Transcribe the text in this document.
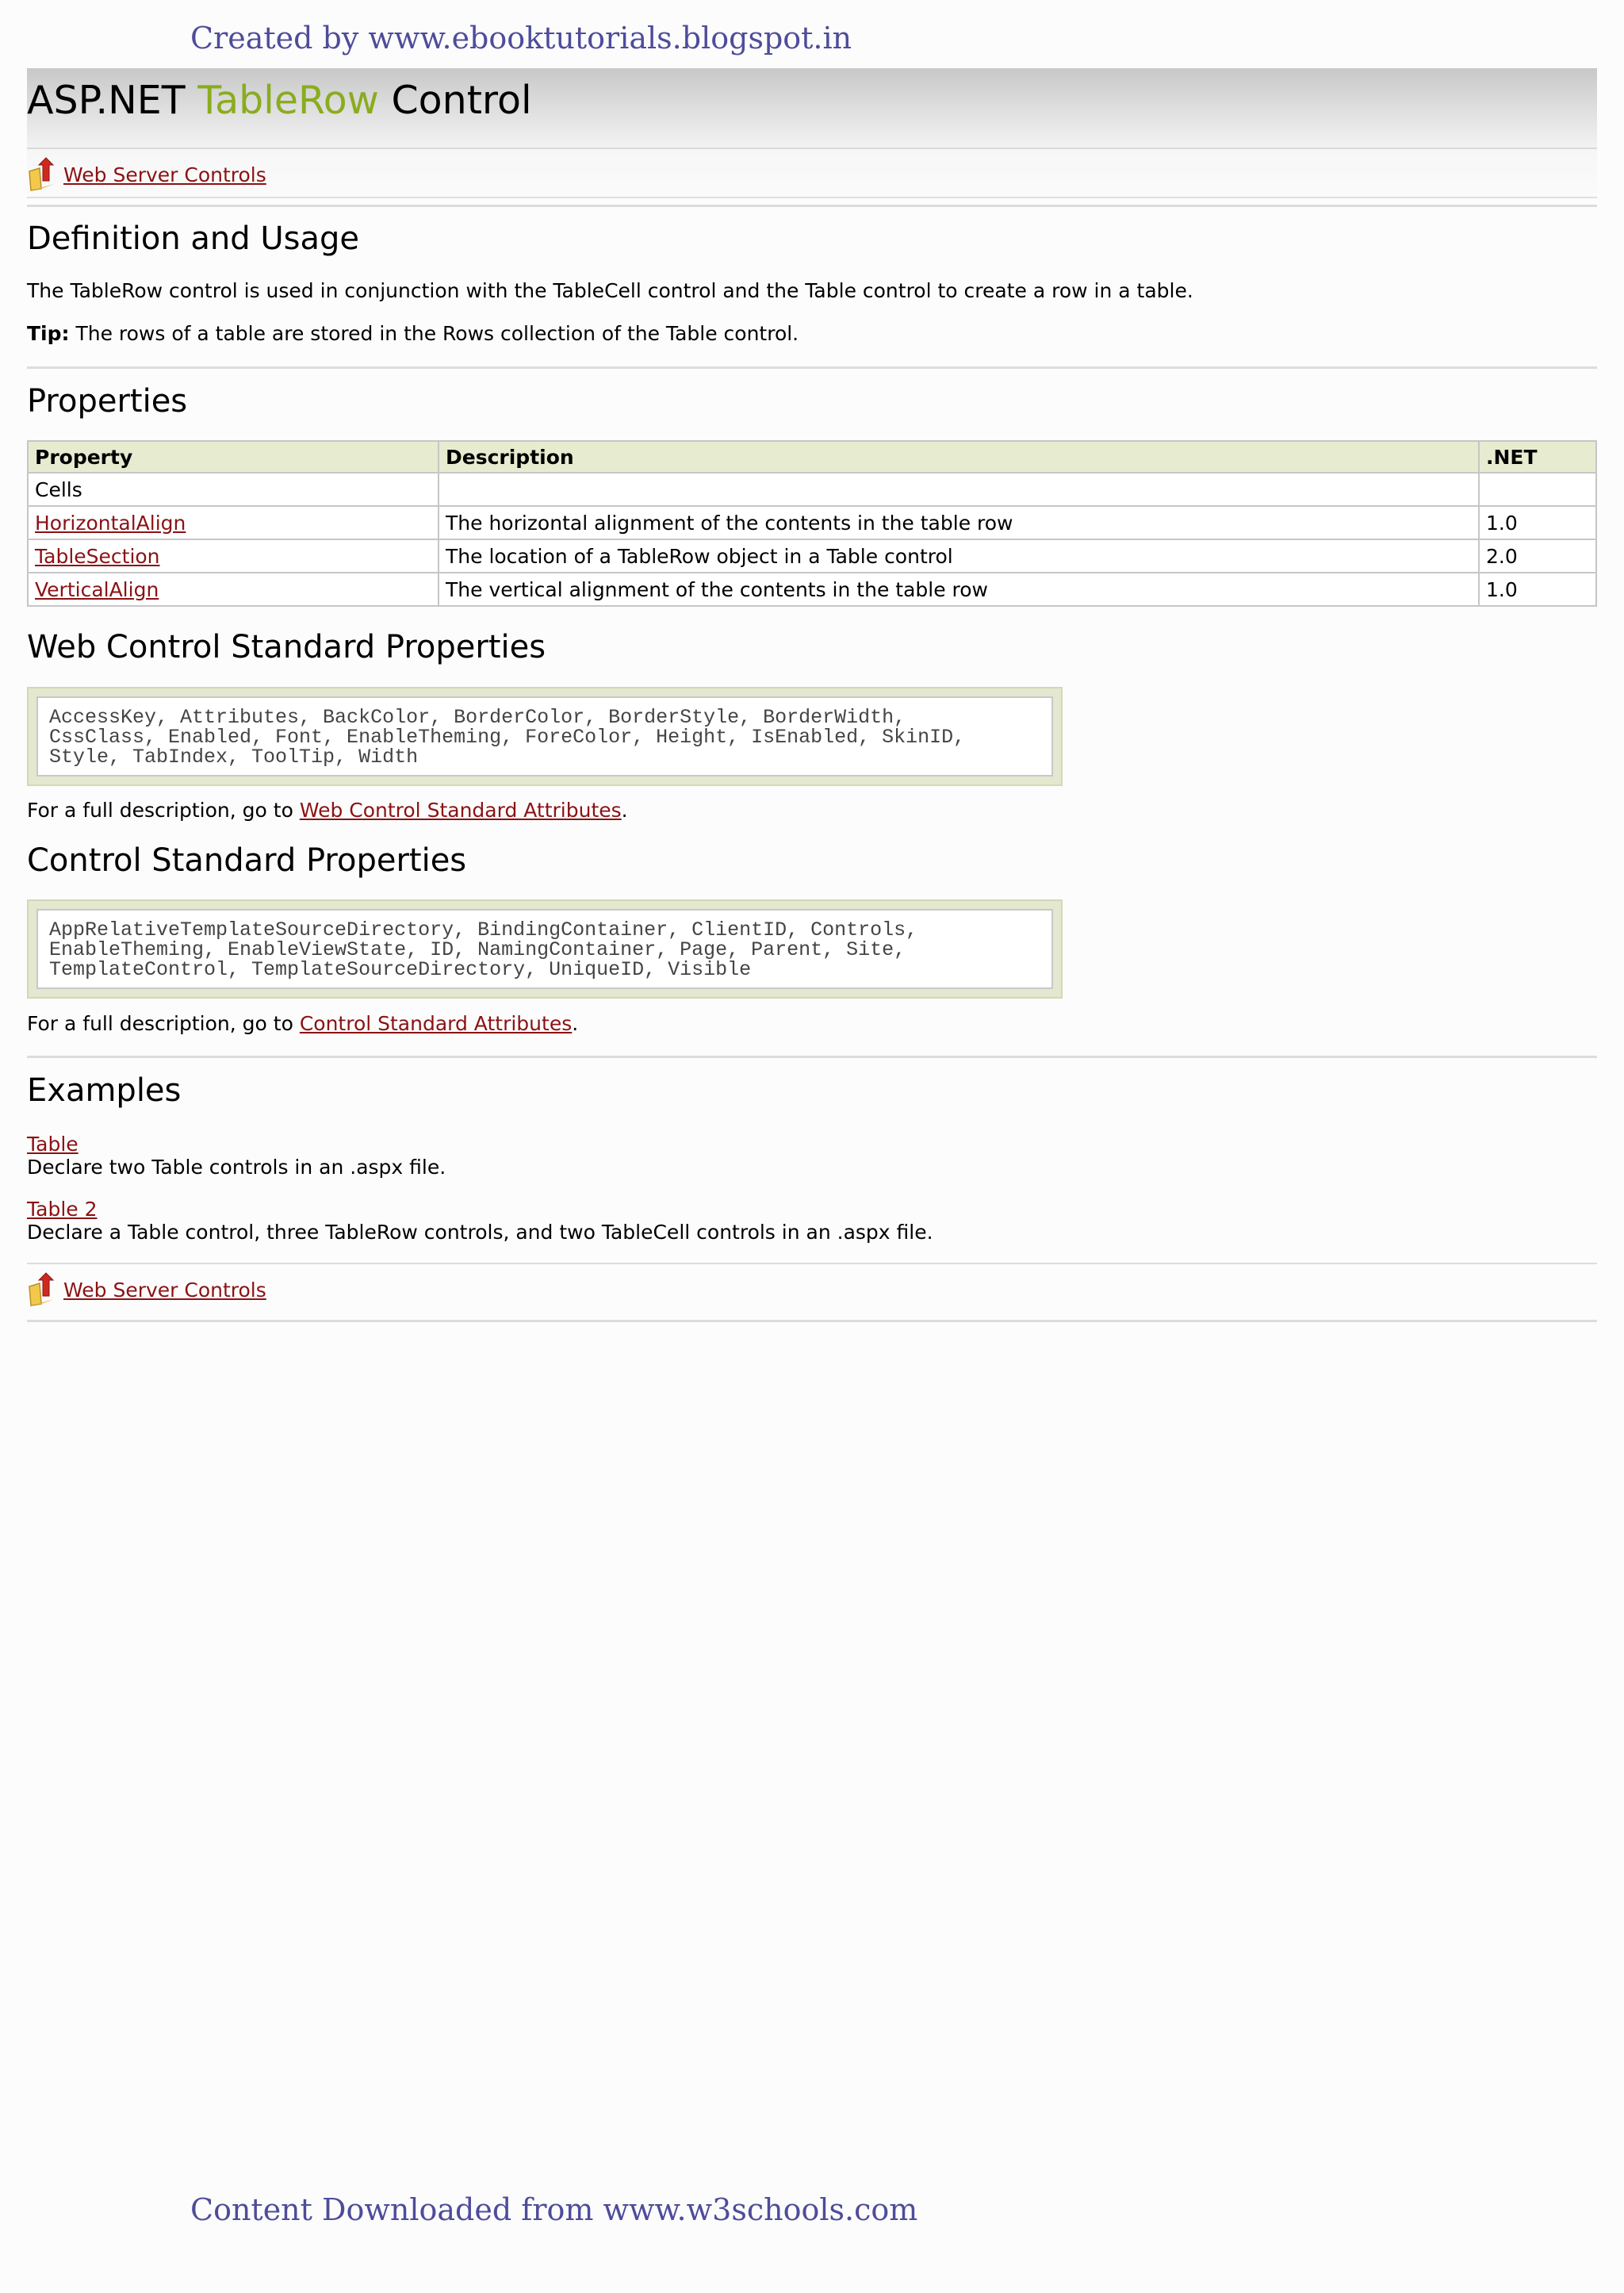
Created by www.ebooktutorials.blogspot.in
ASP.NET TableRow Control
Web Server Controls
Definition and Usage

The TableRow control is used in conjunction with the TableCell control and the Table control to create a row in a table.

Tip: The rows of a table are stored in the Rows collection of the Table control.

Properties
Property	Description	.NET
Cells		
HorizontalAlign	The horizontal alignment of the contents in the table row	1.0
TableSection	The location of a TableRow object in a Table control	2.0
VerticalAlign	The vertical alignment of the contents in the table row	1.0
Web Control Standard Properties
AccessKey, Attributes, BackColor, BorderColor, BorderStyle, BorderWidth,
CssClass, Enabled, Font, EnableTheming, ForeColor, Height, IsEnabled, SkinID,
Style, TabIndex, ToolTip, Width

For a full description, go to Web Control Standard Attributes.

Control Standard Properties
AppRelativeTemplateSourceDirectory, BindingContainer, ClientID, Controls,
EnableTheming, EnableViewState, ID, NamingContainer, Page, Parent, Site,
TemplateControl, TemplateSourceDirectory, UniqueID, Visible

For a full description, go to Control Standard Attributes.

Examples
Table

Declare two Table controls in an .aspx file.

Table 2

Declare a Table control, three TableRow controls, and two TableCell controls in an .aspx file.

Web Server Controls
Content Downloaded from www.w3schools.com
